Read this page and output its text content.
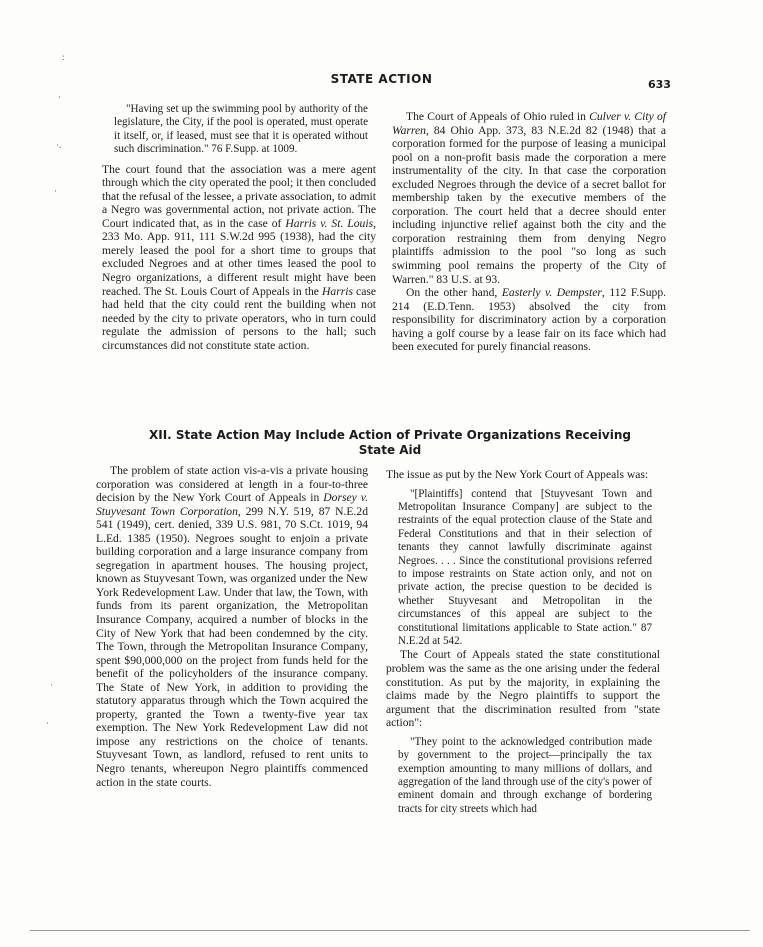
STATE ACTION	633
:
·
·.
·
·
·
"Having set up the swimming pool by authority of the legislature, the City, if the pool is operated, must operate it itself, or, if leased, must see that it is operated without such discrimination." 76 F.Supp. at 1009.

The court found that the association was a mere agent through which the city operated the pool; it then concluded that the refusal of the lessee, a private association, to admit a Negro was governmental action, not private action. The Court indicated that, as in the case of Harris v. St. Louis, 233 Mo. App. 911, 111 S.W.2d 995 (1938), had the city merely leased the pool for a short time to groups that excluded Negroes and at other times leased the pool to Negro organizations, a different result might have been reached. The St. Louis Court of Appeals in the Harris case had held that the city could rent the building when not needed by the city to private operators, who in turn could regulate the admission of persons to the hall; such circumstances did not constitute state action.

The Court of Appeals of Ohio ruled in Culver v. City of Warren, 84 Ohio App. 373, 83 N.E.2d 82 (1948) that a corporation formed for the purpose of leasing a municipal pool on a non-profit basis made the corporation a mere instrumentality of the city. In that case the corporation excluded Negroes through the device of a secret ballot for membership taken by the executive members of the corporation. The court held that a decree should enter including injunctive relief against both the city and the corporation restraining them from denying Negro plaintiffs admission to the pool "so long as such swimming pool remains the property of the City of Warren." 83 U.S. at 93.

On the other hand, Easterly v. Dempster, 112 F.Supp. 214 (E.D.Tenn. 1953) absolved the city from responsibility for discriminatory action by a corporation having a golf course by a lease fair on its face which had been executed for purely financial reasons.

XII. State Action May Include Action of Private Organizations Receiving
State Aid

The problem of state action vis-a-vis a private housing corporation was considered at length in a four-to-three decision by the New York Court of Appeals in Dorsey v. Stuyvesant Town Corporation, 299 N.Y. 519, 87 N.E.2d 541 (1949), cert. denied, 339 U.S. 981, 70 S.Ct. 1019, 94 L.Ed. 1385 (1950). Negroes sought to enjoin a private building corporation and a large insurance company from segregation in apartment houses. The housing project, known as Stuyvesant Town, was organized under the New York Redevelopment Law. Under that law, the Town, with funds from its parent organization, the Metropolitan Insurance Company, acquired a number of blocks in the City of New York that had been condemned by the city. The Town, through the Metropolitan Insurance Company, spent $90,000,000 on the project from funds held for the benefit of the policyholders of the insurance company. The State of New York, in addition to providing the statutory apparatus through which the Town acquired the property, granted the Town a twenty-five year tax exemption. The New York Redevelopment Law did not impose any restrictions on the choice of tenants. Stuyvesant Town, as landlord, refused to rent units to Negro tenants, whereupon Negro plaintiffs commenced action in the state courts.

The issue as put by the New York Court of Appeals was:

"[Plaintiffs] contend that [Stuyvesant Town and Metropolitan Insurance Company] are subject to the restraints of the equal protection clause of the State and Federal Constitutions and that in their selection of tenants they cannot lawfully discriminate against Negroes. . . . Since the constitutional provisions referred to impose restraints on State action only, and not on private action, the precise question to be decided is whether Stuyvesant and Metropolitan in the circumstances of this appeal are subject to the constitutional limitations applicable to State action." 87 N.E.2d at 542.

The Court of Appeals stated the state constitutional problem was the same as the one arising under the federal constitution. As put by the majority, in explaining the claims made by the Negro plaintiffs to support the argument that the discrimination resulted from "state action":

"They point to the acknowledged contribution made by government to the project—principally the tax exemption amounting to many millions of dollars, and aggregation of the land through use of the city's power of eminent domain and through exchange of bordering tracts for city streets which had
